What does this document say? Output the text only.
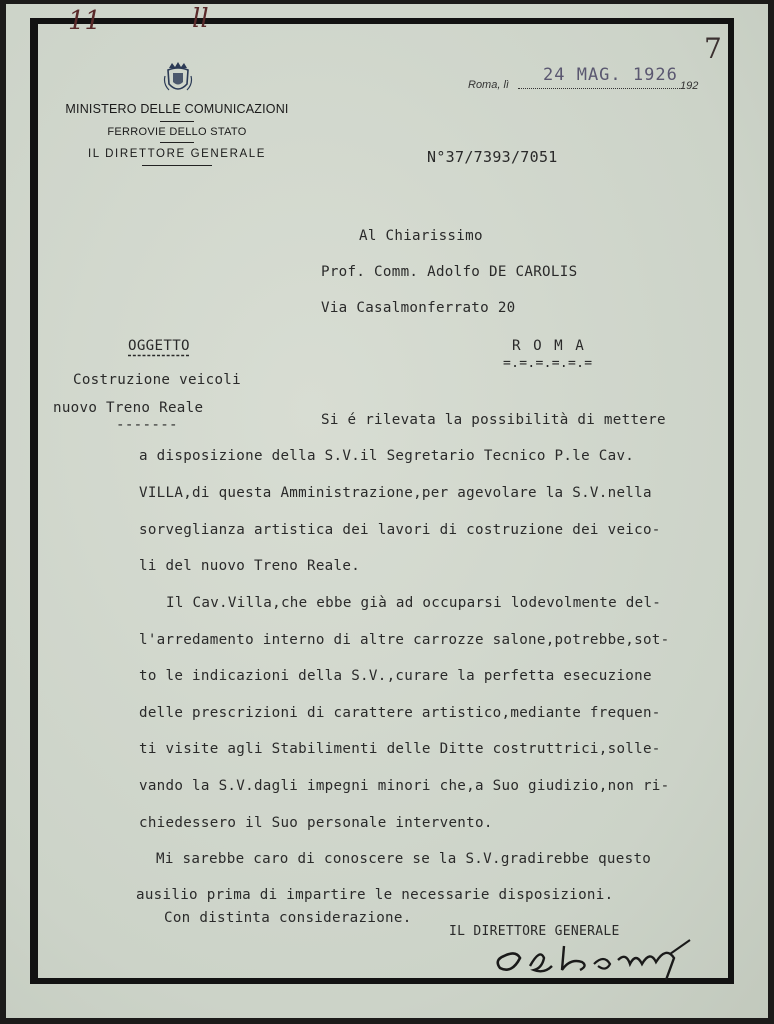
11	ll
7
MINISTERO DELLE COMUNICAZIONI
FERROVIE DELLO STATO
IL DIRETTORE GENERALE
Roma, lì 24 MAG. 1926
192
N°37/7393/7051
Al Chiarissimo
Prof. Comm. Adolfo DE CAROLIS
Via Casalmonferrato 20
R O M A
=.=.=.=.=.=
OGGETTO
Costruzione veicoli
nuovo Treno Reale
-------	Si é rilevata la possibilità di mettere
a disposizione della S.V.il Segretario Tecnico P.le Cav.
VILLA,di questa Amministrazione,per agevolare la S.V.nella
sorveglianza artistica dei lavori di costruzione dei veico-
li del nuovo Treno Reale.
Il Cav.Villa,che ebbe già ad occuparsi lodevolmente del-
l'arredamento interno di altre carrozze salone,potrebbe,sot-
to le indicazioni della S.V.,curare la perfetta esecuzione
delle prescrizioni di carattere artistico,mediante frequen-
ti visite agli Stabilimenti delle Ditte costruttrici,solle-
vando la S.V.dagli impegni minori che,a Suo giudizio,non ri-
chiedessero il Suo personale intervento.
Mi sarebbe caro di conoscere se la S.V.gradirebbe questo
ausilio prima di impartire le necessarie disposizioni.
Con distinta considerazione.
IL DIRETTORE GENERALE
